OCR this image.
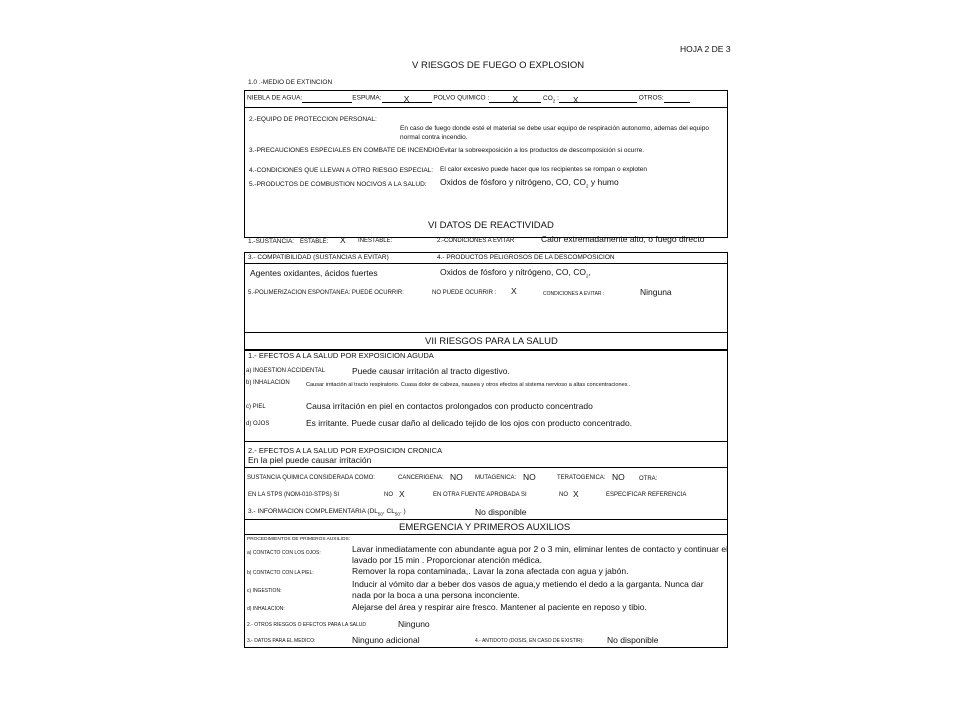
HOJA 2 DE 3
V RIESGOS DE FUEGO O EXPLOSION
1.0 .-MEDIO DE EXTINCION
NIEBLA DE AGUA:	ESPUMA:	X	POLVO QUIMICO :	X	$CO_2$ : X	OTROS:
2.-EQUIPO DE PROTECCION PERSONAL:
En caso de fuego donde esté el material se debe usar equipo de respiración autonomo, ademas del equipo normal contra incendio.
3.-PRECAUCIONES ESPECIALES EN COMBATE DE INCENDIO:
Evitar la sobreexposición a los productos de descomposición si ocurre.
4.-CONDICIONES QUE LLEVAN A OTRO RIESGO ESPECIAL: El calor excesivo puede hacer que los recipientes se rompan o exploten
5.-PRODUCTOS DE COMBUSTION NOCIVOS A LA SALUD: Oxidos de fósforo y nitrógeno, CO, $CO_2$ y humo
VI DATOS DE REACTIVIDAD
1.-SUSTANCIA: ESTABLE: X INESTABLE:	2.-CONDICIONES A EVITAR	Calor extremadamente alto, o fuego directo
3.- COMPATIBILIDAD (SUSTANCIAS A EVITAR)	4.- PRODUCTOS PELIGROSOS DE LA DESCOMPOSICION
Agentes oxidantes, ácidos fuertes	Oxidos de fósforo y nitrógeno, CO, $CO_2$,
5.-POLIMERIZACION ESPONTANEA: PUEDE OCURRIR:	NO PUEDE OCURRIR : X	CONDICIONES A EVITAR :	Ninguna
VII RIESGOS PARA LA SALUD
1.- EFECTOS A LA SALUD POR EXPOSICION AGUDA
a) INGESTION ACCIDENTAL	Puede causar irritación al tracto digestivo.
b) INHALACION	Causar irritación al tracto respiratorio. Cuasa dolor de cabeza, nausea y otros efectos al sistema nervioso a altas concentraciones .
c) PIEL	Causa irritación en piel en contactos prolongados con producto concentrado
d) OJOS	Es irritante. Puede cusar daño al delicado tejido de los ojos con producto concentrado.
2.- EFECTOS A LA SALUD POR EXPOSICION CRONICA
En la piel puede causar irritación
SUSTANCIA QUIMICA CONSIDERADA COMO:	CANCERIGENA: NO MUTAGENICA: NO	TERATOGENICA: NO OTRA:
EN LA STPS (NOM-010-STPS) SI	NO X	EN OTRA FUENTE APROBADA SI	NO X	ESPECIFICAR REFERENCIA
3.- INFORMACION COMPLEMENTARIA ($DL_{50}$, $CL_{50}$. )	No disponible
EMERGENCIA Y PRIMEROS AUXILIOS
PROCEDIMIENTOS DE PRIMEROS AUXILIOS:
a) CONTACTO CON LOS OJOS:	Lavar inmediatamente con abundante agua por 2 o 3 min, eliminar lentes de contacto y continuar el lavado por 15 min . Proporcionar atención médica.
b) CONTACTO CON LA PIEL:	Remover la ropa contaminada,. Lavar la zona afectada con agua y jabón.
c) INGESTION:
Inducir al vómito dar a beber dos vasos de agua,y metiendo el dedo a la garganta. Nunca dar nada por la boca a una persona inconciente.
d) INHALACION:	Alejarse del área y respirar aire fresco. Mantener al paciente en reposo y tibio.
2.- OTROS RIESGOS O EFECTOS PARA LA SALUD	Ninguno
3.- DATOS PARA EL MEDICO:	Ninguno adicional	4.- ANTIDOTO (DOSIS, EN CASO DE EXISTIR):	No disponible
